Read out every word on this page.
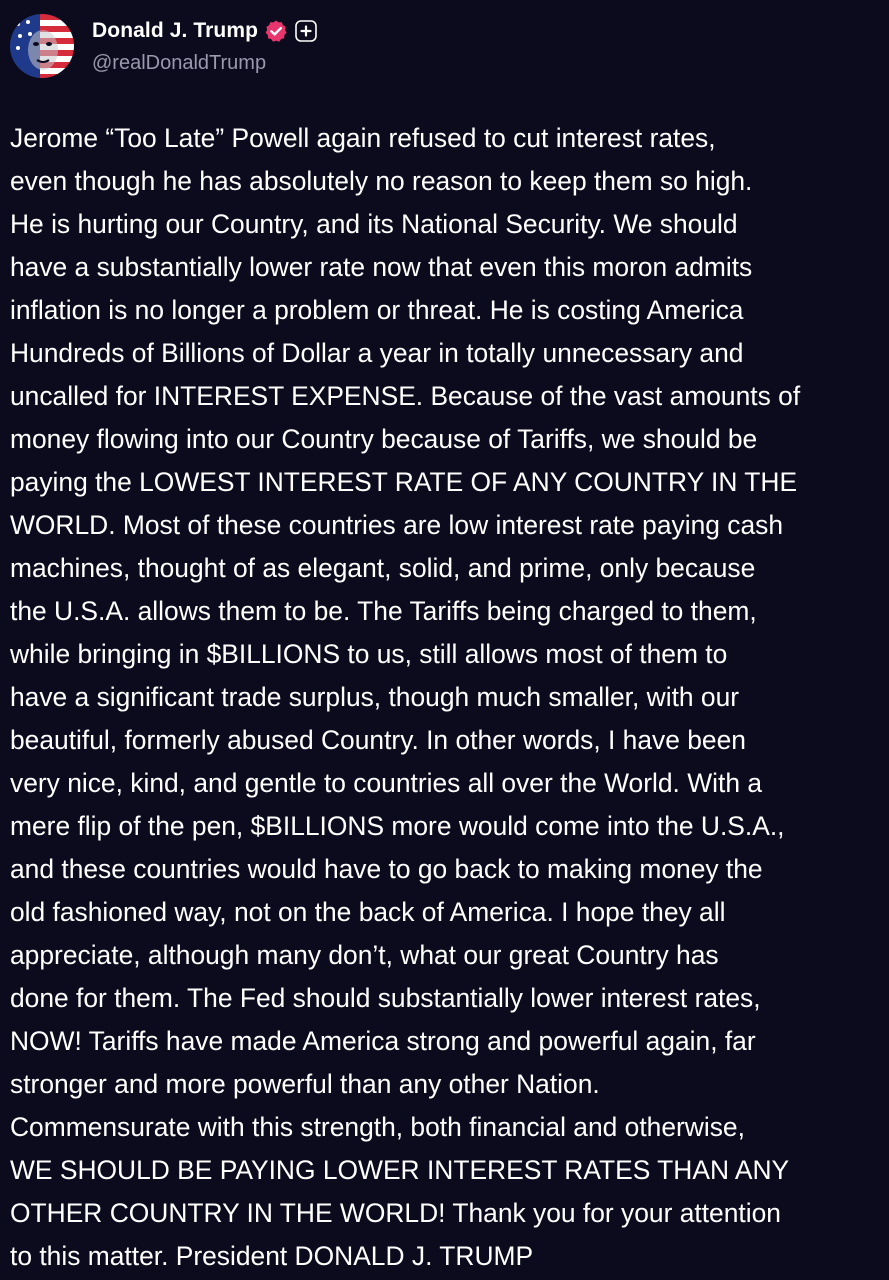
Donald J. Trump
@realDonaldTrump
Jerome “Too Late” Powell again refused to cut interest rates,
even though he has absolutely no reason to keep them so high.
He is hurting our Country, and its National Security. We should
have a substantially lower rate now that even this moron admits
inflation is no longer a problem or threat. He is costing America
Hundreds of Billions of Dollar a year in totally unnecessary and
uncalled for INTEREST EXPENSE. Because of the vast amounts of
money flowing into our Country because of Tariffs, we should be
paying the LOWEST INTEREST RATE OF ANY COUNTRY IN THE
WORLD. Most of these countries are low interest rate paying cash
machines, thought of as elegant, solid, and prime, only because
the U.S.A. allows them to be. The Tariffs being charged to them,
while bringing in $BILLIONS to us, still allows most of them to
have a significant trade surplus, though much smaller, with our
beautiful, formerly abused Country. In other words, I have been
very nice, kind, and gentle to countries all over the World. With a
mere flip of the pen, $BILLIONS more would come into the U.S.A.,
and these countries would have to go back to making money the
old fashioned way, not on the back of America. I hope they all
appreciate, although many don’t, what our great Country has
done for them. The Fed should substantially lower interest rates,
NOW! Tariffs have made America strong and powerful again, far
stronger and more powerful than any other Nation.
Commensurate with this strength, both financial and otherwise,
WE SHOULD BE PAYING LOWER INTEREST RATES THAN ANY
OTHER COUNTRY IN THE WORLD! Thank you for your attention
to this matter. President DONALD J. TRUMP
